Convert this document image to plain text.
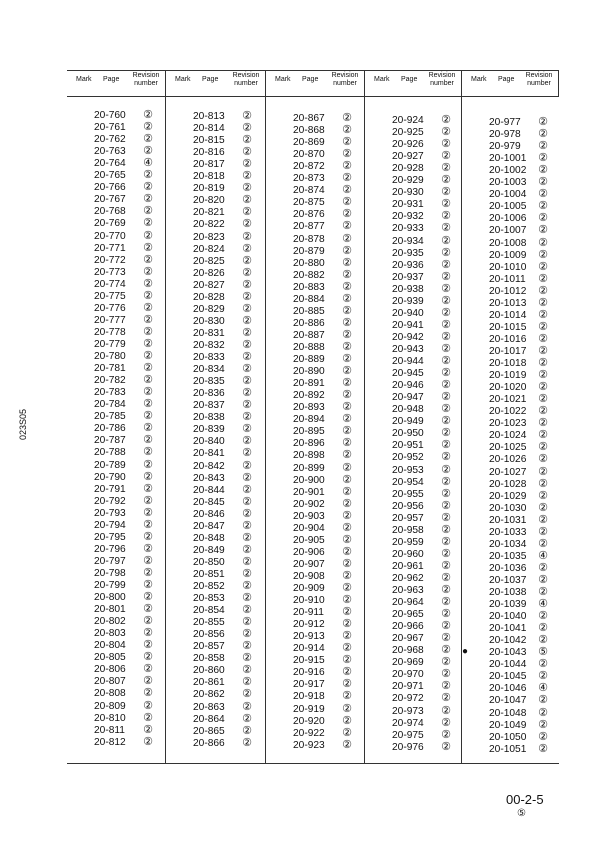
Mark Page
Revision number
Mark Page
Revision number
Mark Page
Revision number
Mark Page
Revision number
Mark Page
Revision number
20-760 ②
20-761 ②
20-762 ②
20-763 ②
20-764 ④
20-765 ②
20-766 ②
20-767 ②
20-768 ②
20-769 ②
20-770 ②
20-771 ②
20-772 ②
20-773 ②
20-774 ②
20-775 ②
20-776 ②
20-777 ②
20-778 ②
20-779 ②
20-780 ②
20-781 ②
20-782 ②
20-783 ②
20-784 ②
20-785 ②
20-786 ②
20-787 ②
20-788 ②
20-789 ②
20-790 ②
20-791 ②
20-792 ②
20-793 ②
20-794 ②
20-795 ②
20-796 ②
20-797 ②
20-798 ②
20-799 ②
20-800 ②
20-801 ②
20-802 ②
20-803 ②
20-804 ②
20-805 ②
20-806 ②
20-807 ②
20-808 ②
20-809 ②
20-810 ②
20-811 ②
20-812 ②
20-813 ②
20-814 ②
20-815 ②
20-816 ②
20-817 ②
20-818 ②
20-819 ②
20-820 ②
20-821 ②
20-822 ②
20-823 ②
20-824 ②
20-825 ②
20-826 ②
20-827 ②
20-828 ②
20-829 ②
20-830 ②
20-831 ②
20-832 ②
20-833 ②
20-834 ②
20-835 ②
20-836 ②
20-837 ②
20-838 ②
20-839 ②
20-840 ②
20-841 ②
20-842 ②
20-843 ②
20-844 ②
20-845 ②
20-846 ②
20-847 ②
20-848 ②
20-849 ②
20-850 ②
20-851 ②
20-852 ②
20-853 ②
20-854 ②
20-855 ②
20-856 ②
20-857 ②
20-858 ②
20-860 ②
20-861 ②
20-862 ②
20-863 ②
20-864 ②
20-865 ②
20-866 ②
20-867 ②
20-868 ②
20-869 ②
20-870 ②
20-872 ②
20-873 ②
20-874 ②
20-875 ②
20-876 ②
20-877 ②
20-878 ②
20-879 ②
20-880 ②
20-882 ②
20-883 ②
20-884 ②
20-885 ②
20-886 ②
20-887 ②
20-888 ②
20-889 ②
20-890 ②
20-891 ②
20-892 ②
20-893 ②
20-894 ②
20-895 ②
20-896 ②
20-898 ②
20-899 ②
20-900 ②
20-901 ②
20-902 ②
20-903 ②
20-904 ②
20-905 ②
20-906 ②
20-907 ②
20-908 ②
20-909 ②
20-910 ②
20-911 ②
20-912 ②
20-913 ②
20-914 ②
20-915 ②
20-916 ②
20-917 ②
20-918 ②
20-919 ②
20-920 ②
20-922 ②
20-923 ②
20-924 ②
20-925 ②
20-926 ②
20-927 ②
20-928 ②
20-929 ②
20-930 ②
20-931 ②
20-932 ②
20-933 ②
20-934 ②
20-935 ②
20-936 ②
20-937 ②
20-938 ②
20-939 ②
20-940 ②
20-941 ②
20-942 ②
20-943 ②
20-944 ②
20-945 ②
20-946 ②
20-947 ②
20-948 ②
20-949 ②
20-950 ②
20-951 ②
20-952 ②
20-953 ②
20-954 ②
20-955 ②
20-956 ②
20-957 ②
20-958 ②
20-959 ②
20-960 ②
20-961 ②
20-962 ②
20-963 ②
20-964 ②
20-965 ②
20-966 ②
20-967 ②
20-968 ②
20-969 ②
20-970 ②
20-971 ②
20-972 ②
20-973 ②
20-974 ②
20-975 ②
20-976 ②
20-977 ②
20-978 ②
20-979 ②
20-1001 ②
20-1002 ②
20-1003 ②
20-1004 ②
20-1005 ②
20-1006 ②
20-1007 ②
20-1008 ②
20-1009 ②
20-1010 ②
20-1011 ②
20-1012 ②
20-1013 ②
20-1014 ②
20-1015 ②
20-1016 ②
20-1017 ②
20-1018 ②
20-1019 ②
20-1020 ②
20-1021 ②
20-1022 ②
20-1023 ②
20-1024 ②
20-1025 ②
20-1026 ②
20-1027 ②
20-1028 ②
20-1029 ②
20-1030 ②
20-1031 ②
20-1033 ②
20-1034 ②
20-1035 ④
20-1036 ②
20-1037 ②
20-1038 ②
20-1039 ④
20-1040 ②
20-1041 ②
20-1042 ②
● 20-1043 ⑤
20-1044 ②
20-1045 ②
20-1046 ④
20-1047 ②
20-1048 ②
20-1049 ②
20-1050 ②
20-1051 ②
023S05
00-2-5
⑤
